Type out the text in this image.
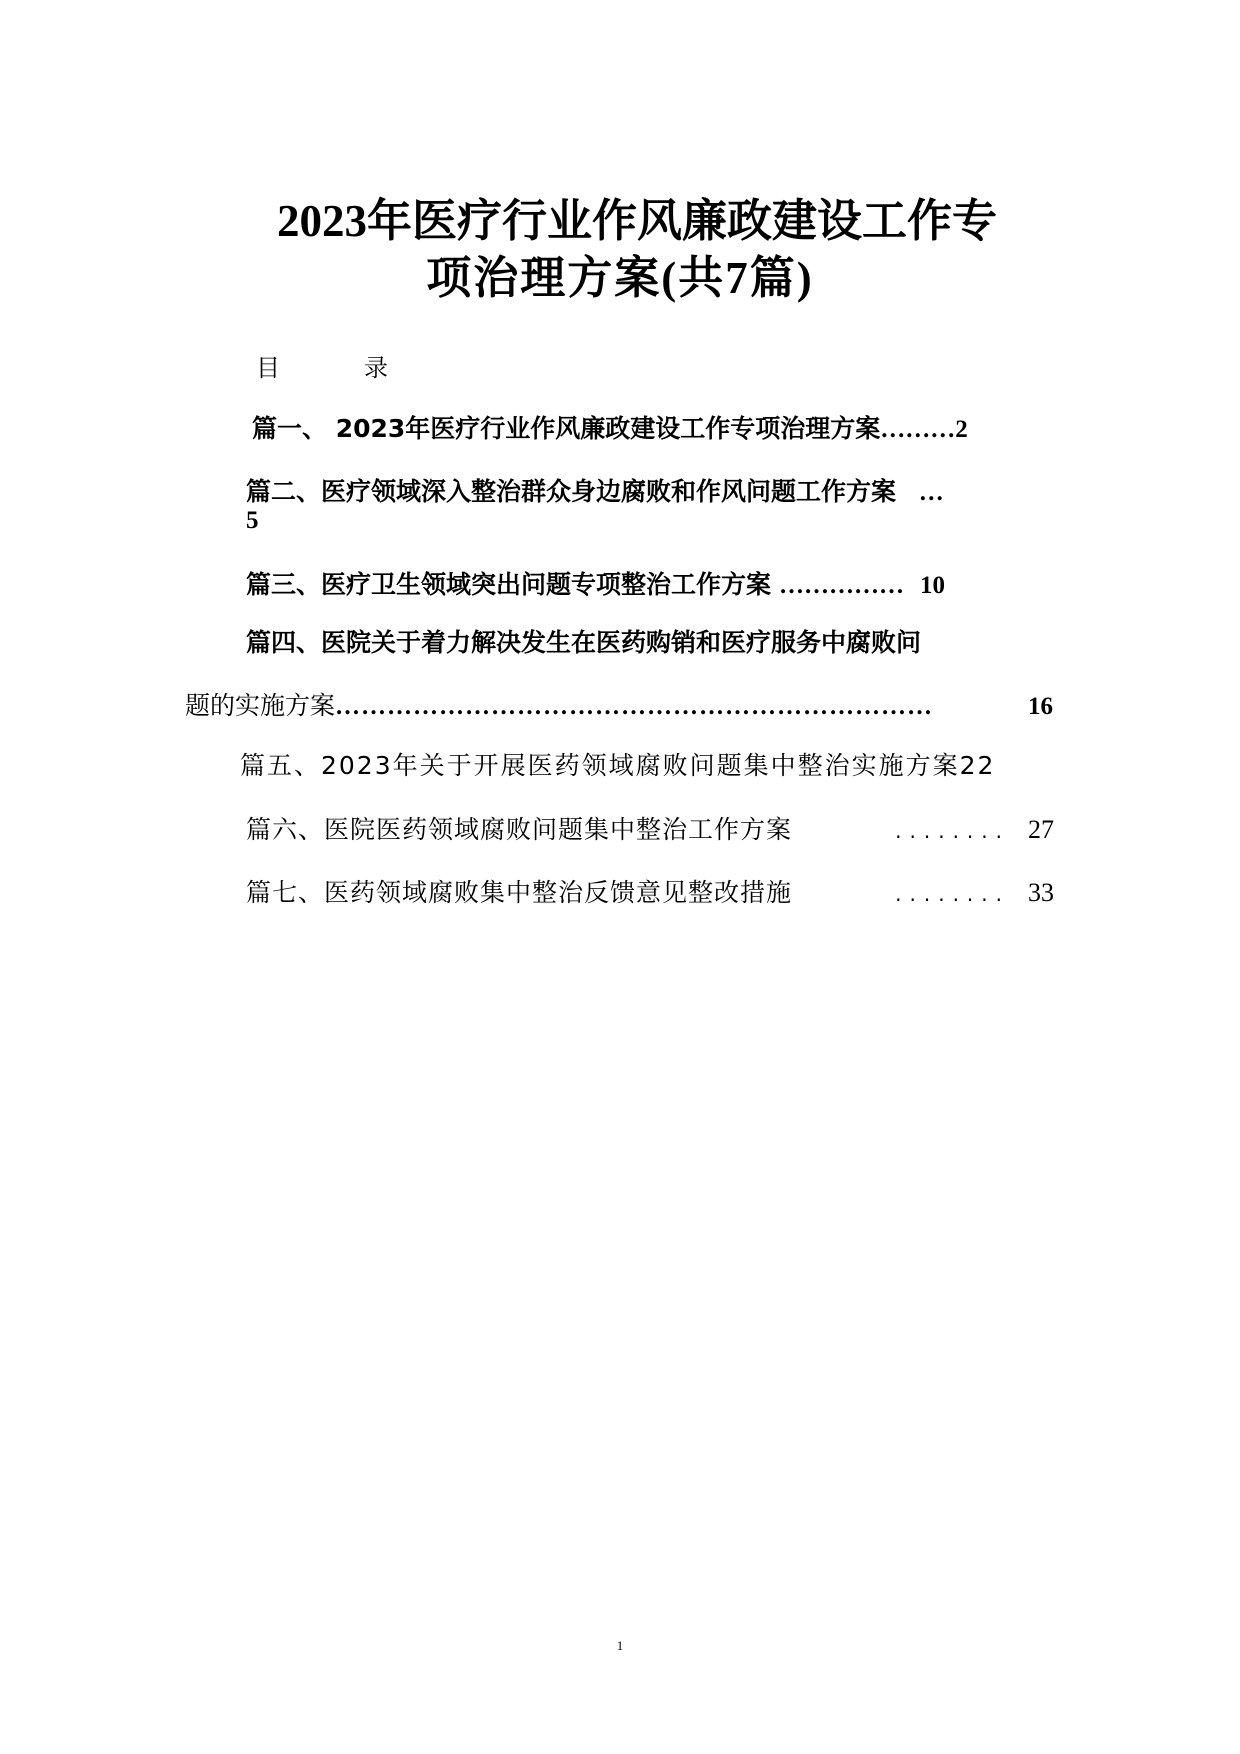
2023年医疗行业作风廉政建设工作专
项治理方案(共7篇)
目　录
篇一、 2023年医疗行业作风廉政建设工作专项治理方案 ……… 2
篇二、医疗领域深入整治群众身边腐败和作风问题工作方案 …
5
篇三、医疗卫生领域突出问题专项整治工作方案 …………… 10
篇四、医院关于着力解决发生在医药购销和医疗服务中腐败问
题的实施方案 ……………………………………………………………	16
篇五、2023年关于开展医药领域腐败问题集中整治实施方案22
篇六、医院医药领域腐败问题集中整治工作方案	........ 27
篇七、医药领域腐败集中整治反馈意见整改措施	........ 33
1
